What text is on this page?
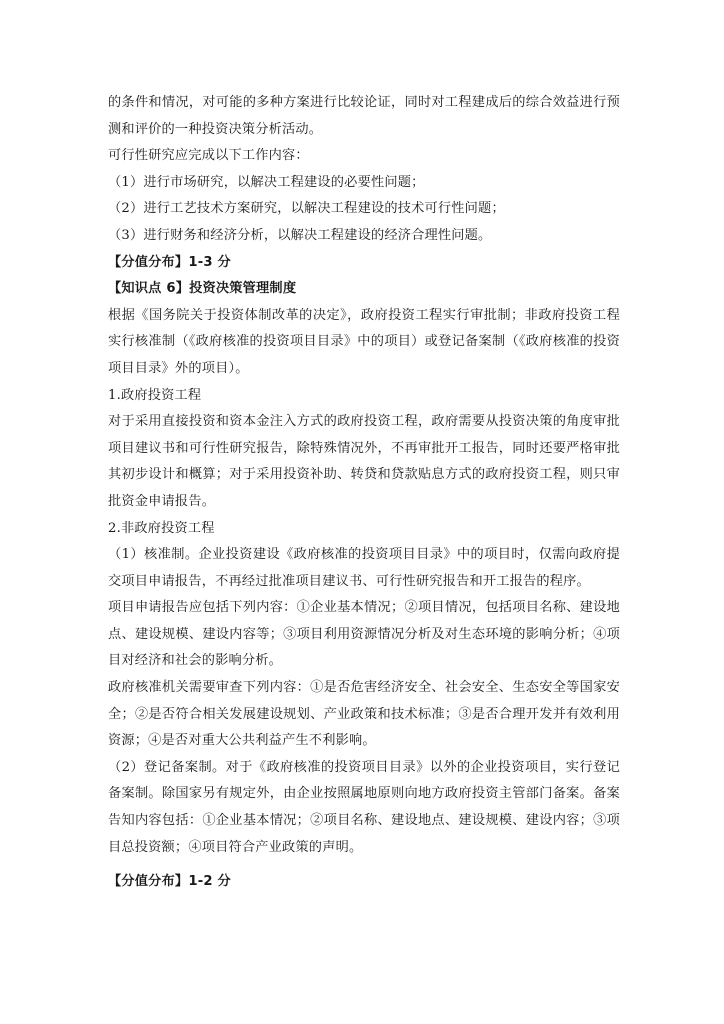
的条件和情况，对可能的多种方案进行比较论证，同时对工程建成后的综合效益进行预测和评价的一种投资决策分析活动。

可行性研究应完成以下工作内容：

（1）进行市场研究，以解决工程建设的必要性问题；

（2）进行工艺技术方案研究，以解决工程建设的技术可行性问题；

（3）进行财务和经济分析，以解决工程建设的经济合理性问题。

【分值分布】1-3 分

【知识点 6】投资决策管理制度

根据《国务院关于投资体制改革的决定》，政府投资工程实行审批制；非政府投资工程实行核准制（《政府核准的投资项目目录》中的项目）或登记备案制（《政府核准的投资项目目录》外的项目）。

1.政府投资工程

对于采用直接投资和资本金注入方式的政府投资工程，政府需要从投资决策的角度审批项目建议书和可行性研究报告，除特殊情况外，不再审批开工报告，同时还要严格审批其初步设计和概算；对于采用投资补助、转贷和贷款贴息方式的政府投资工程，则只审批资金申请报告。

2.非政府投资工程

（1）核准制。企业投资建设《政府核准的投资项目目录》中的项目时，仅需向政府提交项目申请报告，不再经过批准项目建议书、可行性研究报告和开工报告的程序。

项目申请报告应包括下列内容：①企业基本情况；②项目情况，包括项目名称、建设地点、建设规模、建设内容等；③项目利用资源情况分析及对生态环境的影响分析；④项目对经济和社会的影响分析。

政府核准机关需要审查下列内容：①是否危害经济安全、社会安全、生态安全等国家安全；②是否符合相关发展建设规划、产业政策和技术标准；③是否合理开发并有效利用资源；④是否对重大公共利益产生不利影响。

（2）登记备案制。对于《政府核准的投资项目目录》以外的企业投资项目，实行登记备案制。除国家另有规定外，由企业按照属地原则向地方政府投资主管部门备案。备案告知内容包括：①企业基本情况；②项目名称、建设地点、建设规模、建设内容；③项目总投资额；④项目符合产业政策的声明。

【分值分布】1-2 分
